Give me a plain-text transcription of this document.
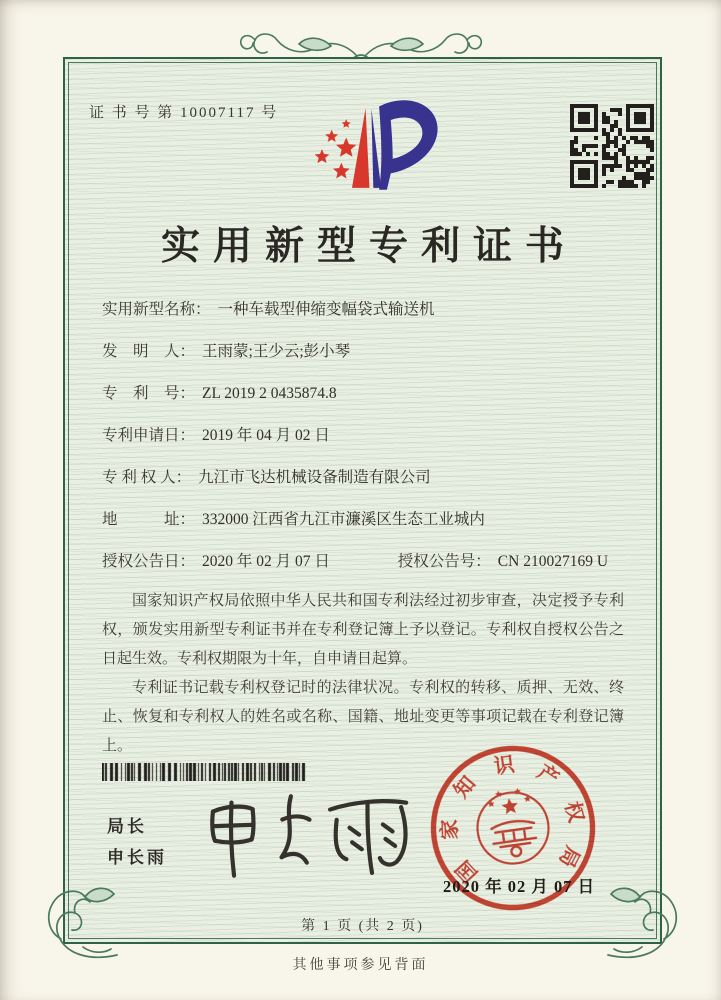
证 书 号 第 10007117 号
实用新型专利证书
实用新型名称： 一种车载型伸缩变幅袋式输送机
发　明　人： 王雨蒙;王少云;彭小琴
专　利　号： ZL 2019 2 0435874.8
专利申请日： 2019 年 04 月 02 日
专 利 权 人： 九江市飞达机械设备制造有限公司
地　　　址： 332000 江西省九江市濂溪区生态工业城内
授权公告日： 2020 年 02 月 07 日	授权公告号： CN 210027169 U

国家知识产权局依照中华人民共和国专利法经过初步审查，决定授予专利权，颁发实用新型专利证书并在专利登记簿上予以登记。专利权自授权公告之日起生效。专利权期限为十年，自申请日起算。

专利证书记载专利权登记时的法律状况。专利权的转移、质押、无效、终止、恢复和专利权人的姓名或名称、国籍、地址变更等事项记载在专利登记簿上。

局长
申长雨	国
家
知
识 产
权
局
2020 年 02 月 07 日
第 1 页 (共 2 页)
其他事项参见背面
